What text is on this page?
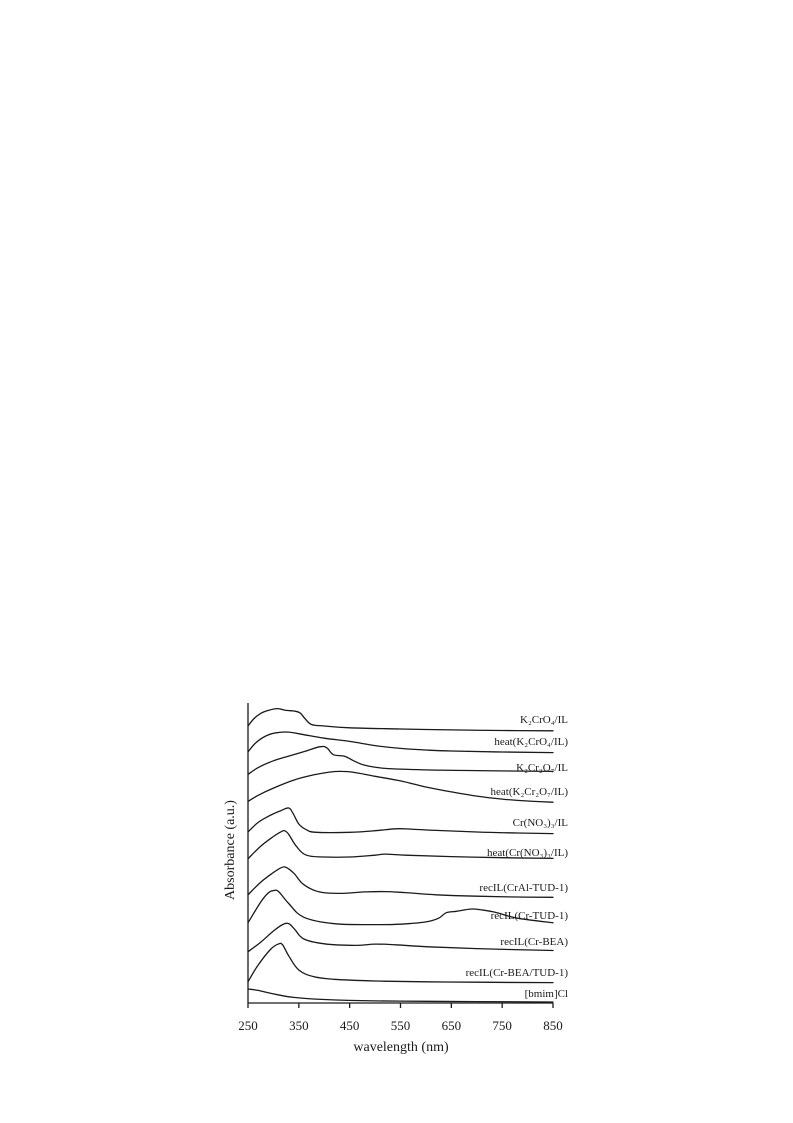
K₂CrO₄/IL
heat(K₂CrO₄/IL)
K₂Cr₂O₇/IL
heat(K₂Cr₂O₇/IL)
Cr(NO₃)₃/IL
heat(Cr(NO₃)₃/IL)
recIL(CrAl-TUD-1)
recIL(Cr-TUD-1)
recIL(Cr-BEA)
recIL(Cr-BEA/TUD-1)
[bmim]Cl
250 350 450 550 650 750 850
wavelength (nm)
Absorbance (a.u.)
